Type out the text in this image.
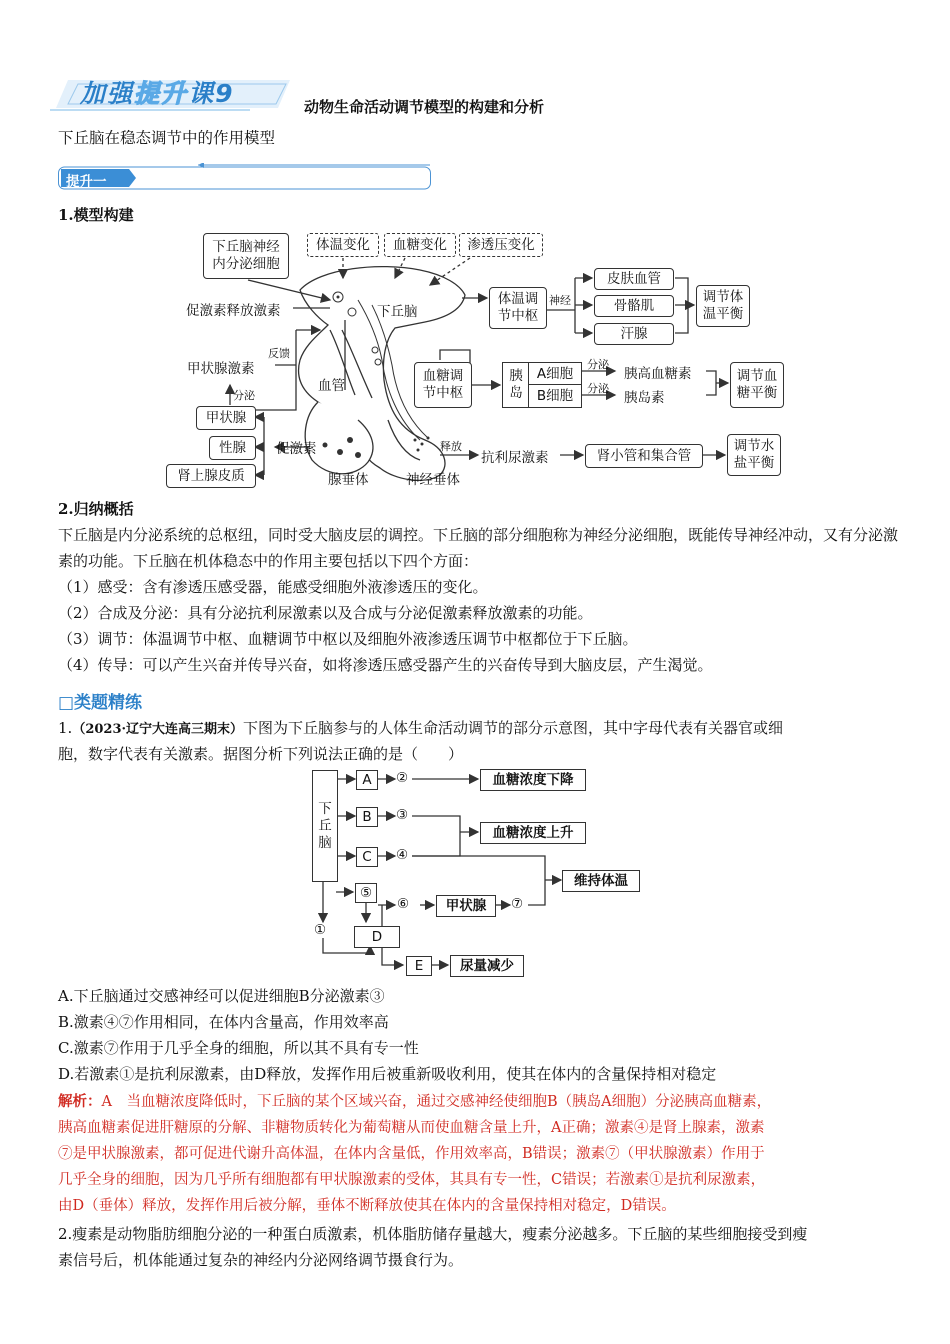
加强提升课9	动物生命活动调节模型的构建和分析
下丘脑在稳态调节中的作用模型
提升一
1.模型构建
下丘脑神经
内分泌细胞
体温变化	血糖变化	渗透压变化
下丘脑
促激素释放激素
甲状腺激素
反馈
血管
分泌
甲状腺
性腺
肾上腺皮质
促激素
腺垂体	神经垂体
释放
抗利尿激素	肾小管和集合管
调节水
盐平衡
体温调
节中枢
神经
皮肤血管
骨骼肌
汗腺
调节体
温平衡
血糖调
节中枢
胰
岛
A细胞
B细胞
分泌
分泌
胰高血糖素
胰岛素
调节血
糖平衡
2.归纳概括
下丘脑是内分泌系统的总枢纽，同时受大脑皮层的调控。下丘脑的部分细胞称为神经分泌细胞，既能传导神经冲动，又有分泌激素的功能。下丘脑在机体稳态中的作用主要包括以下四个方面：
（1）感受：含有渗透压感受器，能感受细胞外液渗透压的变化。
（2）合成及分泌：具有分泌抗利尿激素以及合成与分泌促激素释放激素的功能。
（3）调节：体温调节中枢、血糖调节中枢以及细胞外液渗透压调节中枢都位于下丘脑。
（4）传导：可以产生兴奋并传导兴奋，如将渗透压感受器产生的兴奋传导到大脑皮层，产生渴觉。
□类题精练
1.（2023·辽宁大连高三期末）下图为下丘脑参与的人体生命活动调节的部分示意图，其中字母代表有关器官或细
胞，数字代表有关激素。据图分析下列说法正确的是（　　）
下
丘
脑
A	②	血糖浓度下降
B	③
血糖浓度上升
C	④
维持体温
⑤
⑥	甲状腺	⑦
①	D
E	尿量减少
A.下丘脑通过交感神经可以促进细胞B分泌激素③
B.激素④⑦作用相同，在体内含量高，作用效率高
C.激素⑦作用于几乎全身的细胞，所以其不具有专一性
D.若激素①是抗利尿激素，由D释放，发挥作用后被重新吸收利用，使其在体内的含量保持相对稳定
解析：A　当血糖浓度降低时，下丘脑的某个区域兴奋，通过交感神经使细胞B（胰岛A细胞）分泌胰高血糖素，
胰高血糖素促进肝糖原的分解、非糖物质转化为葡萄糖从而使血糖含量上升，A正确；激素④是肾上腺素，激素
⑦是甲状腺激素，都可促进代谢升高体温，在体内含量低，作用效率高，B错误；激素⑦（甲状腺激素）作用于
几乎全身的细胞，因为几乎所有细胞都有甲状腺激素的受体，其具有专一性，C错误；若激素①是抗利尿激素，
由D（垂体）释放，发挥作用后被分解，垂体不断释放使其在体内的含量保持相对稳定，D错误。
2.瘦素是动物脂肪细胞分泌的一种蛋白质激素，机体脂肪储存量越大，瘦素分泌越多。下丘脑的某些细胞接受到瘦
素信号后，机体能通过复杂的神经内分泌网络调节摄食行为。
